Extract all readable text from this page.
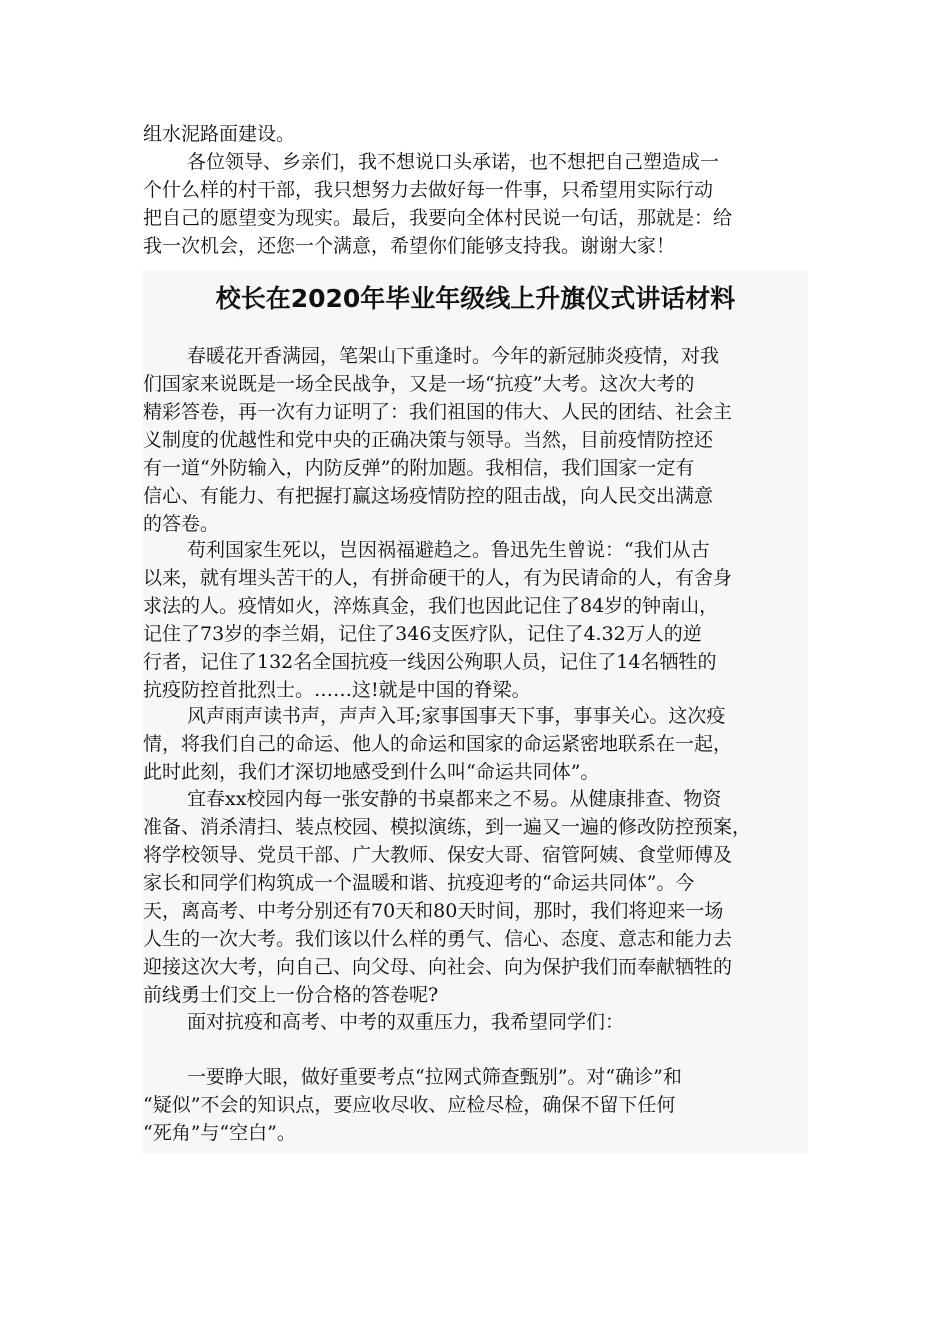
组水泥路面建设。

各位领导、乡亲们，我不想说口头承诺，也不想把自己塑造成一

个什么样的村干部，我只想努力去做好每一件事，只希望用实际行动

把自己的愿望变为现实。最后，我要向全体村民说一句话，那就是：给

我一次机会，还您一个满意，希望你们能够支持我。谢谢大家！

校长在2020年毕业年级线上升旗仪式讲话材料

春暖花开香满园，笔架山下重逢时。今年的新冠肺炎疫情，对我

们国家来说既是一场全民战争，又是一场“抗疫”大考。这次大考的

精彩答卷，再一次有力证明了：我们祖国的伟大、人民的团结、社会主

义制度的优越性和党中央的正确决策与领导。当然，目前疫情防控还

有一道“外防输入，内防反弹”的附加题。我相信，我们国家一定有

信心、有能力、有把握打赢这场疫情防控的阻击战，向人民交出满意

的答卷。

苟利国家生死以，岂因祸福避趋之。鲁迅先生曾说：“我们从古

以来，就有埋头苦干的人，有拼命硬干的人，有为民请命的人，有舍身

求法的人。疫情如火，淬炼真金，我们也因此记住了84岁的钟南山，

记住了73岁的李兰娟，记住了346支医疗队，记住了4.32万人的逆

行者，记住了132名全国抗疫一线因公殉职人员，记住了14名牺牲的

抗疫防控首批烈士。……这!就是中国的脊梁。

风声雨声读书声，声声入耳;家事国事天下事，事事关心。这次疫

情，将我们自己的命运、他人的命运和国家的命运紧密地联系在一起，

此时此刻，我们才深切地感受到什么叫“命运共同体”。

宜春xx校园内每一张安静的书桌都来之不易。从健康排查、物资

准备、消杀清扫、装点校园、模拟演练，到一遍又一遍的修改防控预案，

将学校领导、党员干部、广大教师、保安大哥、宿管阿姨、食堂师傅及

家长和同学们构筑成一个温暖和谐、抗疫迎考的“命运共同体”。今

天，离高考、中考分别还有70天和80天时间，那时，我们将迎来一场

人生的一次大考。我们该以什么样的勇气、信心、态度、意志和能力去

迎接这次大考，向自己、向父母、向社会、向为保护我们而奉献牺牲的

前线勇士们交上一份合格的答卷呢?

面对抗疫和高考、中考的双重压力，我希望同学们：

一要睁大眼，做好重要考点“拉网式筛查甄别”。对“确诊”和

“疑似”不会的知识点，要应收尽收、应检尽检，确保不留下任何

“死角”与“空白”。
